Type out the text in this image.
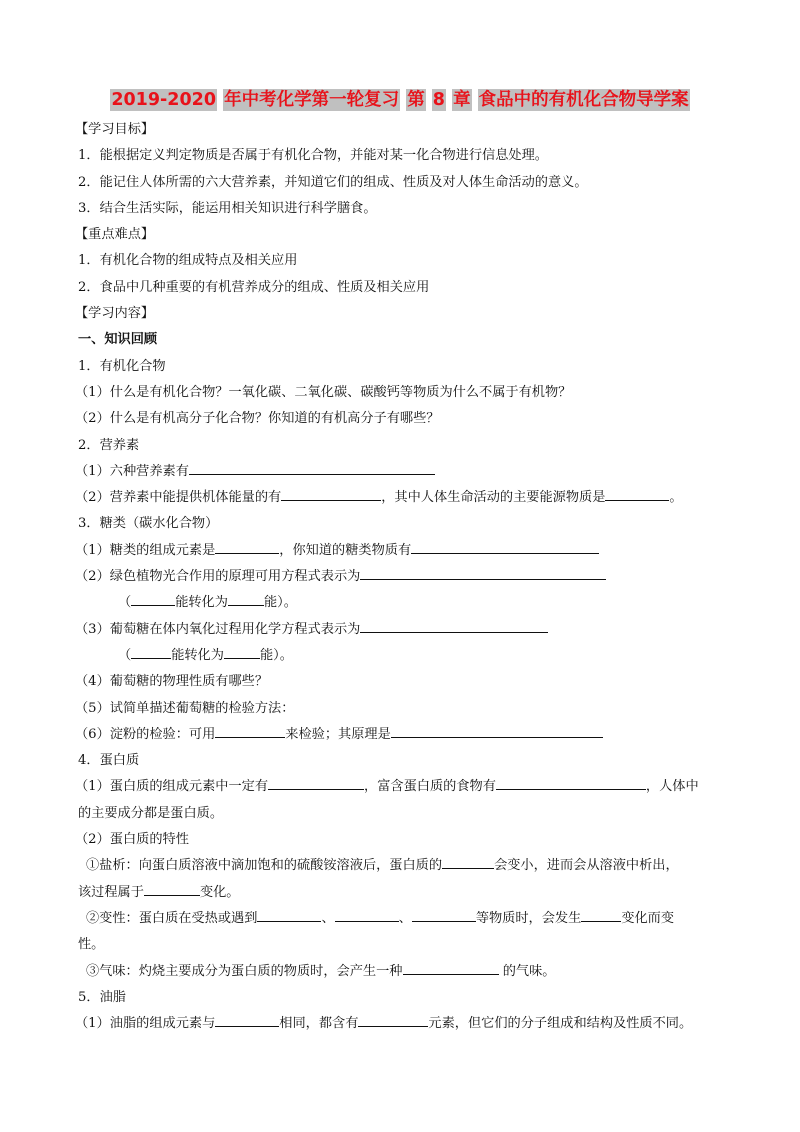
2019-2020 年中考化学第一轮复习 第 8 章 食品中的有机化合物导学案
【学习目标】
1．能根据定义判定物质是否属于有机化合物，并能对某一化合物进行信息处理。
2．能记住人体所需的六大营养素，并知道它们的组成、性质及对人体生命活动的意义。
3．结合生活实际，能运用相关知识进行科学膳食。
【重点难点】
1．有机化合物的组成特点及相关应用
2．食品中几种重要的有机营养成分的组成、性质及相关应用
【学习内容】
一、知识回顾
1．有机化合物
（1）什么是有机化合物？一氧化碳、二氧化碳、碳酸钙等物质为什么不属于有机物？
（2）什么是有机高分子化合物？你知道的有机高分子有哪些？
2．营养素
（1）六种营养素有
（2）营养素中能提供机体能量的有	，其中人体生命活动的主要能源物质是	。
3．糖类（碳水化合物）
（1）糖类的组成元素是	，你知道的糖类物质有
（2）绿色植物光合作用的原理可用方程式表示为
（	能转化为	能）。
（3）葡萄糖在体内氧化过程用化学方程式表示为
（	能转化为	能）。
（4）葡萄糖的物理性质有哪些？
（5）试简单描述葡萄糖的检验方法：
（6）淀粉的检验：可用	来检验；其原理是
4．蛋白质
（1）蛋白质的组成元素中一定有	，富含蛋白质的食物有	，人体中
的主要成分都是蛋白质。
（2）蛋白质的特性
①盐析：向蛋白质溶液中滴加饱和的硫酸铵溶液后，蛋白质的	会变小，进而会从溶液中析出，
该过程属于	变化。
②变性：蛋白质在受热或遇到	、	、	等物质时，会发生	变化而变
性。
③气味：灼烧主要成分为蛋白质的物质时，会产生一种	的气味。
5．油脂
（1）油脂的组成元素与	相同，都含有	元素，但它们的分子组成和结构及性质不同。
